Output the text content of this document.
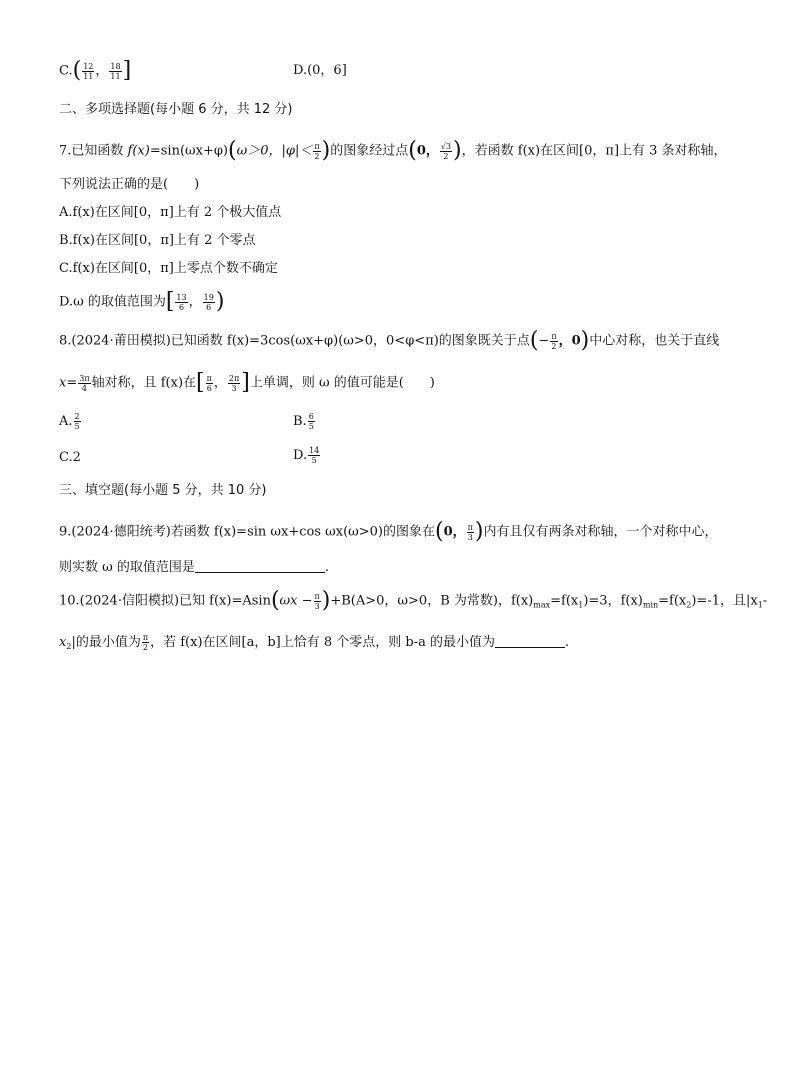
$C.( \frac{12}{11}$ ， $\frac{18}{11}$ ]	D.(0，6]
二、多项选择题(每小题 6 分，共 12 分)
7.已知函数 f(x)=sin(ωx+φ)(ω＞0，$|\varphi|< \frac{\pi}{2}$ )的图象经过点(0， $\frac{√3}{2}$ )，若函数 f(x)在区间[0，π]上有 3 条对称轴，
下列说法正确的是(　　)
A.f(x)在区间[0，π]上有 2 个极大值点
B.f(x)在区间[0，π]上有 2 个零点
C.f(x)在区间[0，π]上零点个数不确定
D.ω 的取值范围为[ $\frac{13}{6}$ ， $\frac{19}{6}$ )
8.(2024·莆田模拟)已知函数 f(x)=3cos(ωx+φ)(ω>0，0<φ<π)的图象既关于点(− $\frac{\pi}{2}$ ，0)中心对称，也关于直线
$x= \frac{3\pi}{4}$ 轴对称，且 f(x)在[ $\frac{\pi}{6}$ ， $\frac{2\pi}{3}$ ]上单调，则 ω 的值可能是(　　)
A. $\frac{2}{5}$	B. $\frac{6}{5}$
C.2	D. $\frac{14}{5}$
三、填空题(每小题 5 分，共 10 分)
9.(2024·德阳统考)若函数 f(x)=sin ωx+cos ωx(ω>0)的图象在(0， $\frac{\pi}{3}$ )内有且仅有两条对称轴，一个对称中心，
则实数 ω 的取值范围是	.
10.(2024·信阳模拟)已知 $f(x)=Asin(\omega x - \frac{\pi}{3} )+B(A>0$，ω>0，B 为常数)，$f(x)_{max}=f(x_1)=3$，$f(x)_{min}=f(x_2)=-1$，且$|x_1-$
$x_2|$的最小值为 $\frac{\pi}{2}$ ，若 f(x)在区间[a，b]上恰有 8 个零点，则 b-a 的最小值为	.
